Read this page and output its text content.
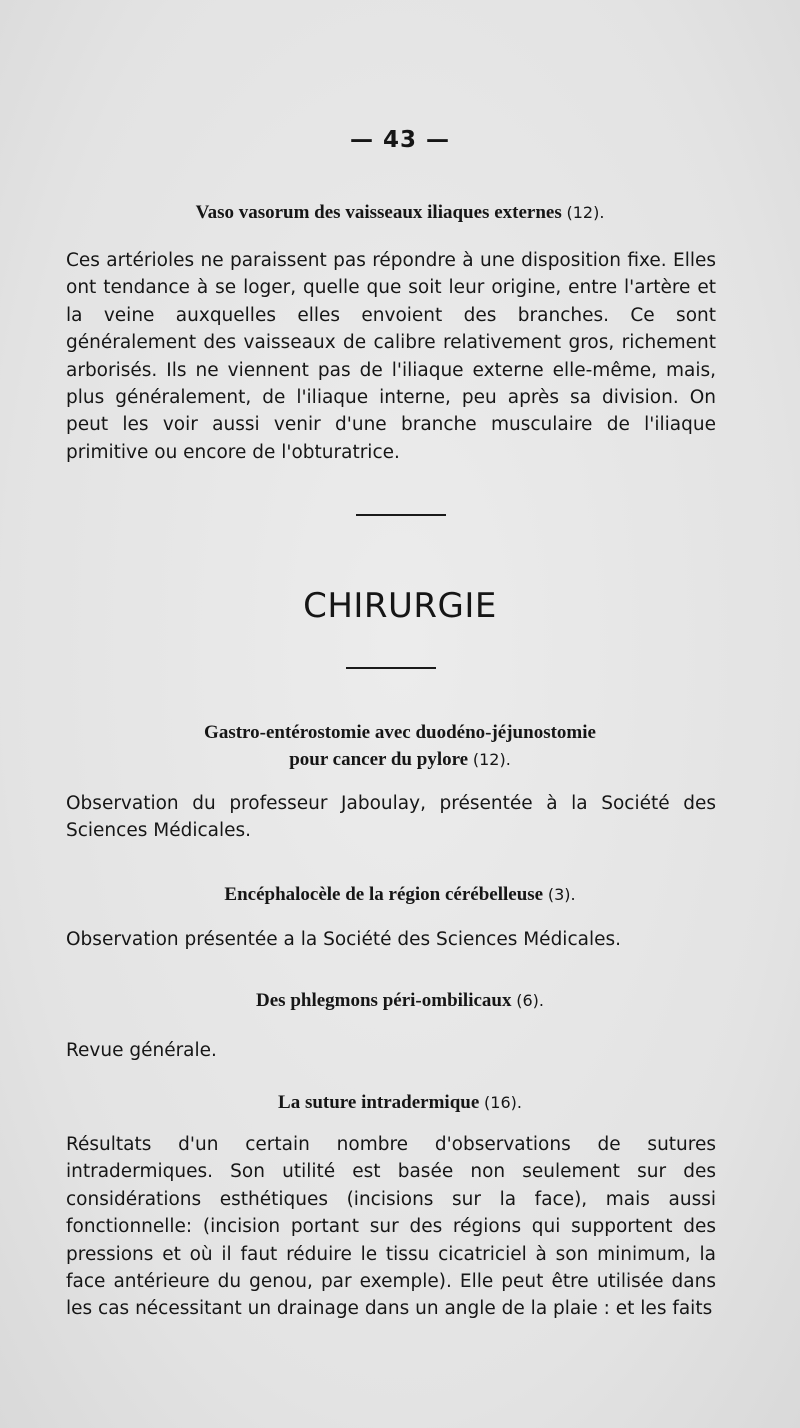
— 43 —
Vaso vasorum des vaisseaux iliaques externes (12).

Ces artérioles ne paraissent pas répondre à une disposition fixe. Elles ont tendance à se loger, quelle que soit leur origine, entre l'artère et la veine auxquelles elles envoient des branches. Ce sont généralement des vaisseaux de calibre relativement gros, richement arborisés. Ils ne viennent pas de l'iliaque externe elle-même, mais, plus généralement, de l'iliaque interne, peu après sa division. On peut les voir aussi venir d'une branche musculaire de l'iliaque primitive ou encore de l'obturatrice.

CHIRURGIE
Gastro-entérostomie avec duodéno-jéjunostomie
pour cancer du pylore (12).

Observation du professeur Jaboulay, présentée à la Société des Sciences Médicales.

Encéphalocèle de la région cérébelleuse (3).

Observation présentée a la Société des Sciences Médicales.

Des phlegmons péri-ombilicaux (6).

Revue générale.

La suture intradermique (16).

Résultats d'un certain nombre d'observations de sutures intradermiques. Son utilité est basée non seulement sur des considérations esthétiques (incisions sur la face), mais aussi fonctionnelle: (incision portant sur des régions qui supportent des pressions et où il faut réduire le tissu cicatriciel à son minimum, la face antérieure du genou, par exemple). Elle peut être utilisée dans les cas nécessitant un drainage dans un angle de la plaie : et les faits
